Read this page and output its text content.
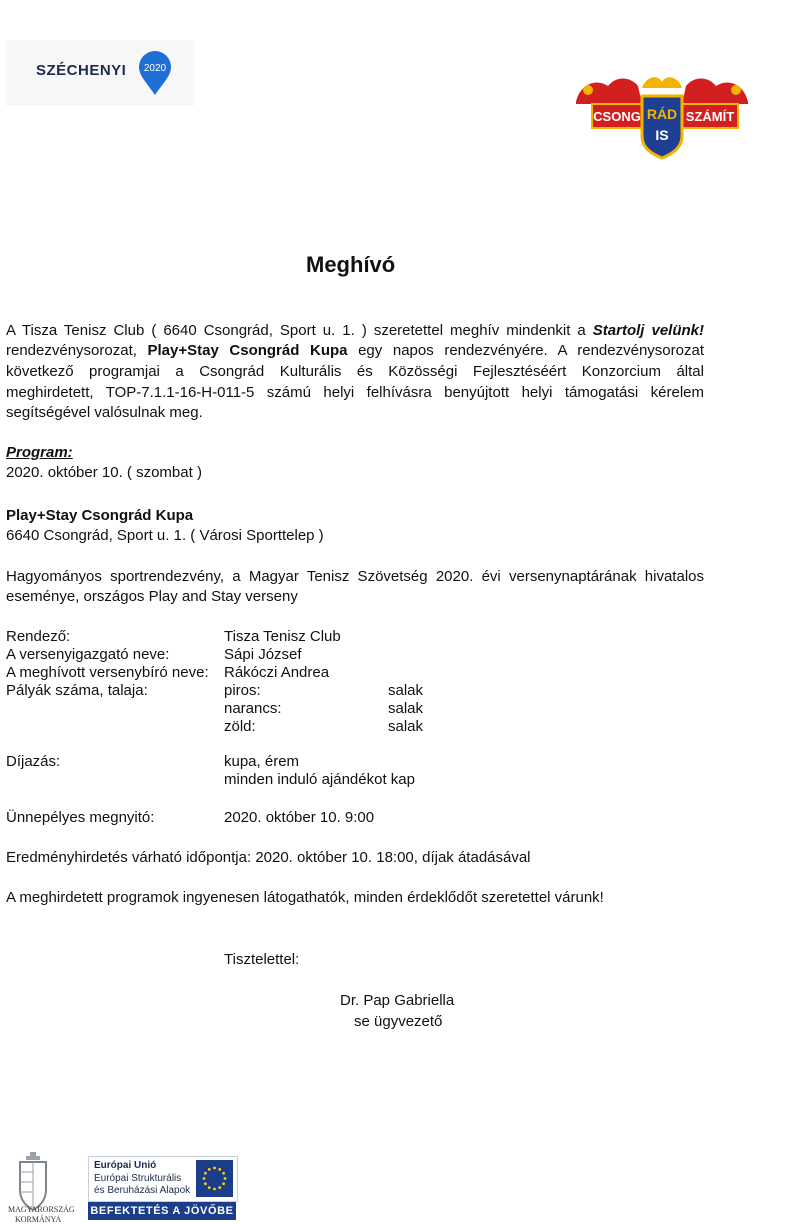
SZÉCHENYI 2020
CSONG	SZÁMÍT
RÁD
IS
Meghívó
A Tisza Tenisz Club ( 6640 Csongrád, Sport u. 1. ) szeretettel meghív mindenkit a Startolj velünk!
rendezvénysorozat, Play+Stay Csongrád Kupa egy napos rendezvényére. A rendezvénysorozat
következő programjai a Csongrád Kulturális és Közösségi Fejlesztéséért Konzorcium által
meghirdetett, TOP-7.1.1-16-H-011-5 számú helyi felhívásra benyújtott helyi támogatási kérelem
segítségével valósulnak meg.
Program:
2020. október 10. ( szombat )
Play+Stay Csongrád Kupa
6640 Csongrád, Sport u. 1. ( Városi Sporttelep )
Hagyományos sportrendezvény, a Magyar Tenisz Szövetség 2020. évi versenynaptárának hivatalos
eseménye, országos Play and Stay verseny
Rendező:	Tisza Tenisz Club
A versenyigazgató neve:	Sápi József
A meghívott versenybíró neve: Rákóczi Andrea
Pályák száma, talaja:	piros:	salak
narancs:	salak
zöld:	salak
Díjazás:	kupa, érem
minden induló ajándékot kap
Ünnepélyes megnyitó:	2020. október 10. 9:00
Eredményhirdetés várható időpontja: 2020. október 10. 18:00, díjak átadásával
A meghirdetett programok ingyenesen látogathatók, minden érdeklődőt szeretettel várunk!
Tisztelettel:
Dr. Pap Gabriella
se ügyvezető
MAGYARORSZÁG
KORMÁNYA
Európai Unió
Európai Strukturális
és Beruházási Alapok
BEFEKTETÉS A JÖVŐBE
